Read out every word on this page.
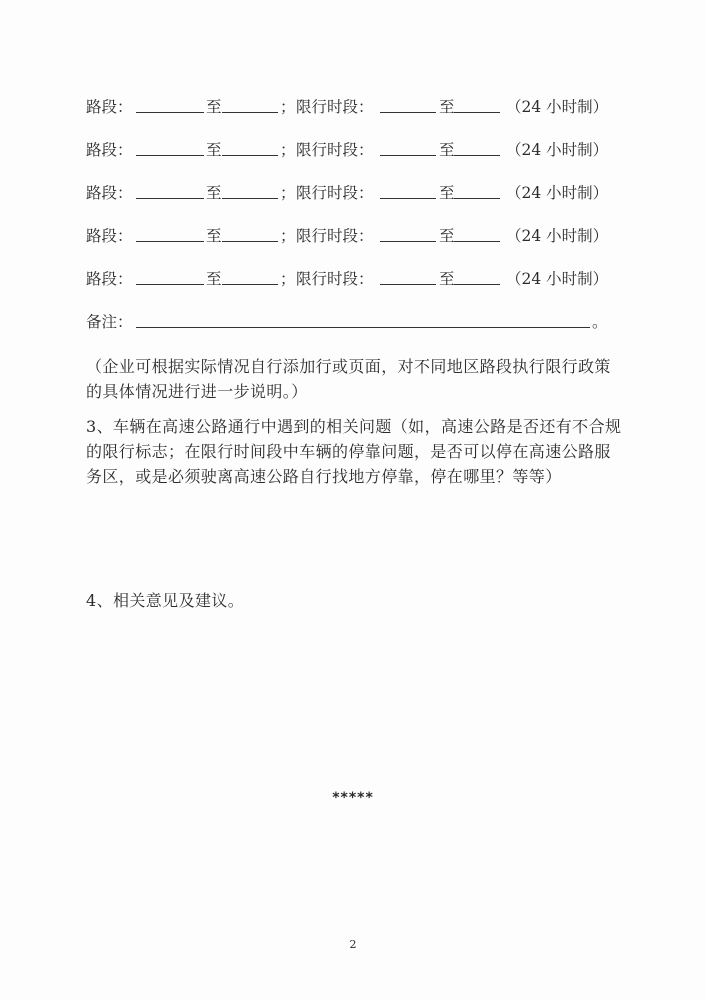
路段：	至	； 限行时段：	至	（24 小时制）
路段：	至	； 限行时段：	至	（24 小时制）
路段：	至	； 限行时段：	至	（24 小时制）
路段：	至	； 限行时段：	至	（24 小时制）
路段：	至	； 限行时段：	至	（24 小时制）
备注：	。

（企业可根据实际情况自行添加行或页面，对不同地区路段执行限行政策的具体情况进行进一步说明。）

3、车辆在高速公路通行中遇到的相关问题（如，高速公路是否还有不合规的限行标志；在限行时间段中车辆的停靠问题，是否可以停在高速公路服务区，或是必须驶离高速公路自行找地方停靠，停在哪里？等等）

4、相关意见及建议。

*****
2
